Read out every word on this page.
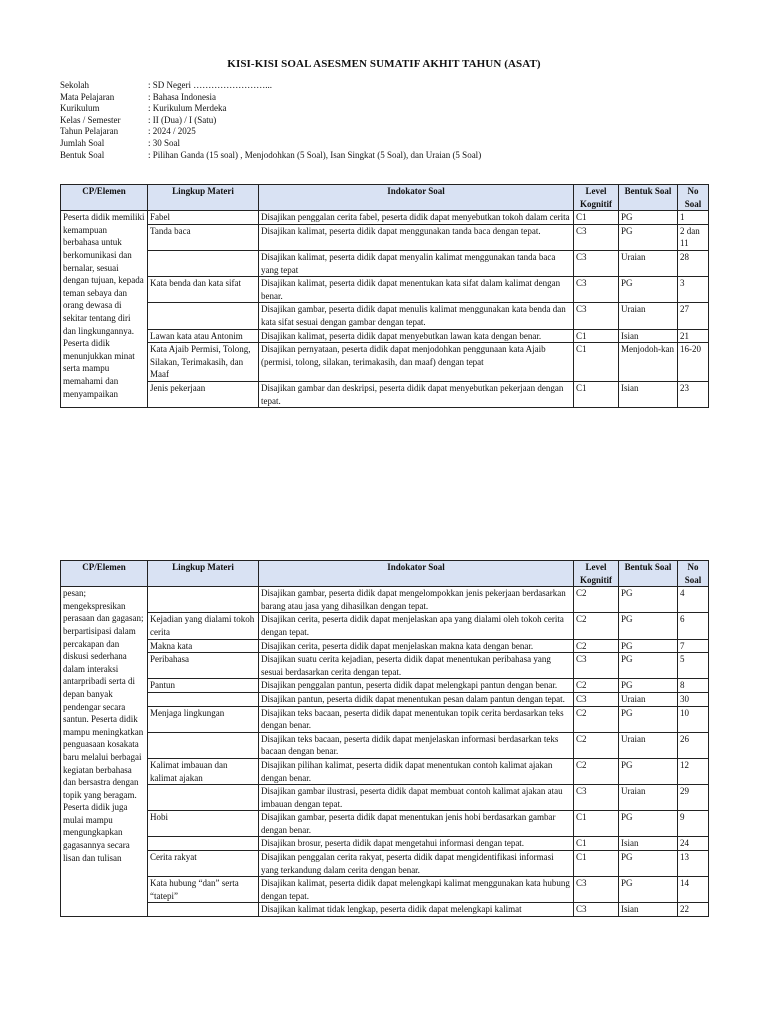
KISI-KISI SOAL ASESMEN SUMATIF AKHIT TAHUN (ASAT)
Sekolah	: SD Negeri ……………………...
Mata Pelajaran	: Bahasa Indonesia
Kurikulum	: Kurikulum Merdeka
Kelas / Semester	: II (Dua) / I (Satu)
Tahun Pelajaran	: 2024 / 2025
Jumlah Soal	: 30 Soal
Bentuk Soal	: Pilihan Ganda (15 soal) , Menjodohkan (5 Soal), Isan Singkat (5 Soal), dan Uraian (5 Soal)
CP/Elemen	Lingkup Materi	Indokator Soal	Level Kognitif	Bentuk Soal	No Soal
Peserta didik memiliki kemampuan berbahasa untuk berkomunikasi dan bernalar, sesuai dengan tujuan, kepada teman sebaya dan orang dewasa di sekitar tentang diri dan lingkungannya. Peserta didik menunjukkan minat serta mampu memahami dan menyampaikan	Fabel	Disajikan penggalan cerita fabel, peserta didik dapat menyebutkan tokoh dalam cerita	C1	PG	1
	Tanda baca	Disajikan kalimat, peserta didik dapat menggunakan tanda baca dengan tepat.	C3	PG	2 dan 11
		Disajikan kalimat, peserta didik dapat menyalin kalimat menggunakan tanda baca yang tepat	C3	Uraian	28
	Kata benda dan kata sifat	Disajikan kalimat, peserta didik dapat menentukan kata sifat dalam kalimat dengan benar.	C3	PG	3
		Disajikan gambar, peserta didik dapat menulis kalimat menggunakan kata benda dan kata sifat sesuai dengan gambar dengan tepat.	C3	Uraian	27
	Lawan kata atau Antonim	Disajikan kalimat, peserta didik dapat menyebutkan lawan kata dengan benar.	C1	Isian	21
	Kata Ajaib Permisi, Tolong, Silakan, Terimakasih, dan Maaf	Disajikan pernyataan, peserta didik dapat menjodohkan penggunaan kata Ajaib (permisi, tolong, silakan, terimakasih, dan maaf) dengan tepat	C1	Menjodoh-kan	16-20
	Jenis pekerjaan	Disajikan gambar dan deskripsi, peserta didik dapat menyebutkan pekerjaan dengan tepat.	C1	Isian	23
CP/Elemen	Lingkup Materi	Indokator Soal	Level Kognitif	Bentuk Soal	No Soal
pesan; mengekspresikan perasaan dan gagasan; berpartisipasi dalam percakapan dan diskusi sederhana dalam interaksi antarpribadi serta di depan banyak pendengar secara santun. Peserta didik mampu meningkatkan penguasaan kosakata baru melalui berbagai kegiatan berbahasa dan bersastra dengan topik yang beragam. Peserta didik juga mulai mampu mengungkapkan gagasannya secara lisan dan tulisan		Disajikan gambar, peserta didik dapat mengelompokkan jenis pekerjaan berdasarkan barang atau jasa yang dihasilkan dengan tepat.	C2	PG	4
	Kejadian yang dialami tokoh cerita	Disajikan cerita, peserta didik dapat menjelaskan apa yang dialami oleh tokoh cerita dengan tepat.	C2	PG	6
	Makna kata	Disajikan cerita, peserta didik dapat menjelaskan makna kata dengan benar.	C2	PG	7
	Peribahasa	Disajikan suatu cerita kejadian, peserta didik dapat menentukan peribahasa yang sesuai berdasarkan cerita dengan tepat.	C3	PG	5
	Pantun	Disajikan penggalan pantun, peserta didik dapat melengkapi pantun dengan benar.	C2	PG	8
		Disajikan pantun, peserta didik dapat menentukan pesan dalam pantun dengan tepat.	C3	Uraian	30
	Menjaga lingkungan	Disajikan teks bacaan, peserta didik dapat menentukan topik cerita berdasarkan teks dengan benar.	C2	PG	10
		Disajikan teks bacaan, peserta didik dapat menjelaskan informasi berdasarkan teks bacaan dengan benar.	C2	Uraian	26
	Kalimat imbauan dan kalimat ajakan	Disajikan pilihan kalimat, peserta didik dapat menentukan contoh kalimat ajakan dengan benar.	C2	PG	12
		Disajikan gambar ilustrasi, peserta didik dapat membuat contoh kalimat ajakan atau imbauan dengan tepat.	C3	Uraian	29
	Hobi	Disajikan gambar, peserta didik dapat menentukan jenis hobi berdasarkan gambar dengan benar.	C1	PG	9
		Disajikan brosur, peserta didik dapat mengetahui informasi dengan tepat.	C1	Isian	24
	Cerita rakyat	Disajikan penggalan cerita rakyat, peserta didik dapat mengidentifikasi informasi yang terkandung dalam cerita dengan benar.	C1	PG	13
	Kata hubung “dan” serta “tatepi”	Disajikan kalimat, peserta didik dapat melengkapi kalimat menggunakan kata hubung dengan tepat.	C3	PG	14
		Disajikan kalimat tidak lengkap, peserta didik dapat melengkapi kalimat	C3	Isian	22
